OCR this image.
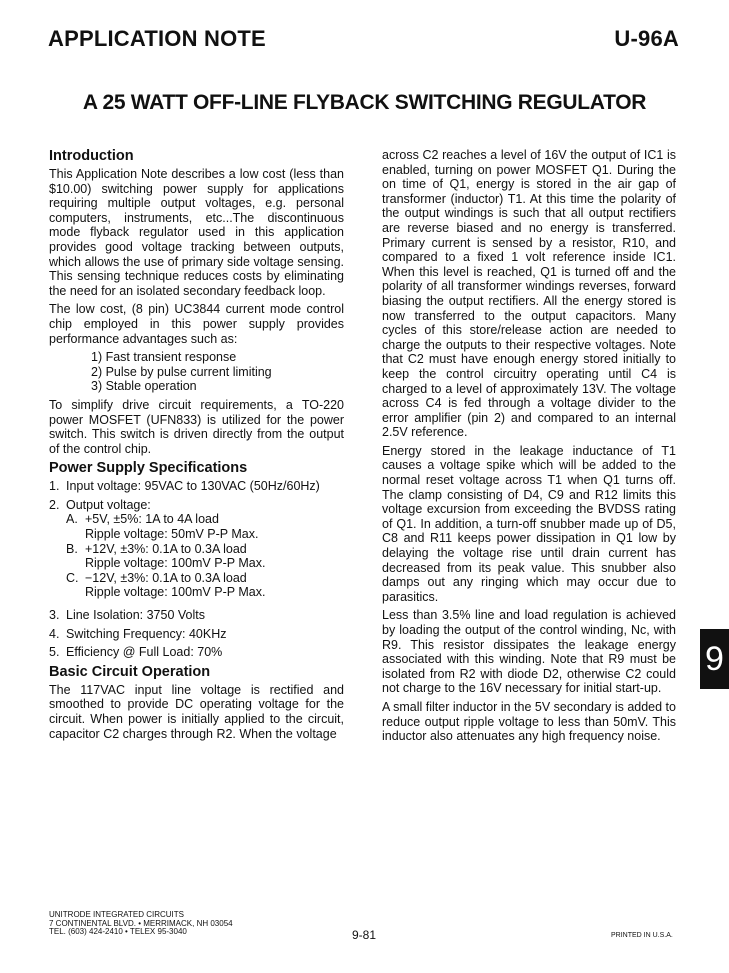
APPLICATION NOTE	U-96A
A 25 WATT OFF-LINE FLYBACK SWITCHING REGULATOR
Introduction

This Application Note describes a low cost (less than $10.00) switching power supply for applications requiring multiple output voltages, e.g. personal computers, instruments, etc...The discontinuous mode flyback regulator used in this application provides good voltage tracking between outputs, which allows the use of primary side voltage sensing. This sensing technique reduces costs by eliminating the need for an isolated secondary feedback loop.

The low cost, (8 pin) UC3844 current mode control chip employed in this power supply provides performance advantages such as:

1) Fast transient response
2) Pulse by pulse current limiting
3) Stable operation

To simplify drive circuit requirements, a TO-220 power MOSFET (UFN833) is utilized for the power switch. This switch is driven directly from the output of the control chip.

Power Supply Specifications
1. Input voltage: 95VAC to 130VAC (50Hz/60Hz)
2. Output voltage:
A. +5V, ±5%: 1A to 4A load
Ripple voltage: 50mV P-P Max.
B. +12V, ±3%: 0.1A to 0.3A load
Ripple voltage: 100mV P-P Max.
C. −12V, ±3%: 0.1A to 0.3A load
Ripple voltage: 100mV P-P Max.
3. Line Isolation: 3750 Volts
4. Switching Frequency: 40KHz
5. Efficiency @ Full Load: 70%
Basic Circuit Operation

The 117VAC input line voltage is rectified and smoothed to provide DC operating voltage for the circuit. When power is initially applied to the circuit, capacitor C2 charges through R2. When the voltage

across C2 reaches a level of 16V the output of IC1 is enabled, turning on power MOSFET Q1. During the on time of Q1, energy is stored in the air gap of transformer (inductor) T1. At this time the polarity of the output windings is such that all output rectifiers are reverse biased and no energy is transferred. Primary current is sensed by a resistor, R10, and compared to a fixed 1 volt reference inside IC1. When this level is reached, Q1 is turned off and the polarity of all transformer windings reverses, forward biasing the output rectifiers. All the energy stored is now transferred to the output capacitors. Many cycles of this store/release action are needed to charge the outputs to their respective voltages. Note that C2 must have enough energy stored initially to keep the control circuitry operating until C4 is charged to a level of approximately 13V. The voltage across C4 is fed through a voltage divider to the error amplifier (pin 2) and compared to an internal 2.5V reference.

Energy stored in the leakage inductance of T1 causes a voltage spike which will be added to the normal reset voltage across T1 when Q1 turns off. The clamp consisting of D4, C9 and R12 limits this voltage excursion from exceeding the BVDSS rating of Q1. In addition, a turn-off snubber made up of D5, C8 and R11 keeps power dissipation in Q1 low by delaying the voltage rise until drain current has decreased from its peak value. This snubber also damps out any ringing which may occur due to parasitics.

Less than 3.5% line and load regulation is achieved by loading the output of the control winding, Nc, with R9. This resistor dissipates the leakage energy associated with this winding. Note that R9 must be isolated from R2 with diode D2, otherwise C2 could not charge to the 16V necessary for initial start-up.

A small filter inductor in the 5V secondary is added to reduce output ripple voltage to less than 50mV. This inductor also attenuates any high frequency noise.

9
UNITRODE INTEGRATED CIRCUITS
7 CONTINENTAL BLVD. • MERRIMACK, NH 03054
TEL. (603) 424-2410 • TELEX 95-3040	9-81	PRINTED IN U.S.A.
